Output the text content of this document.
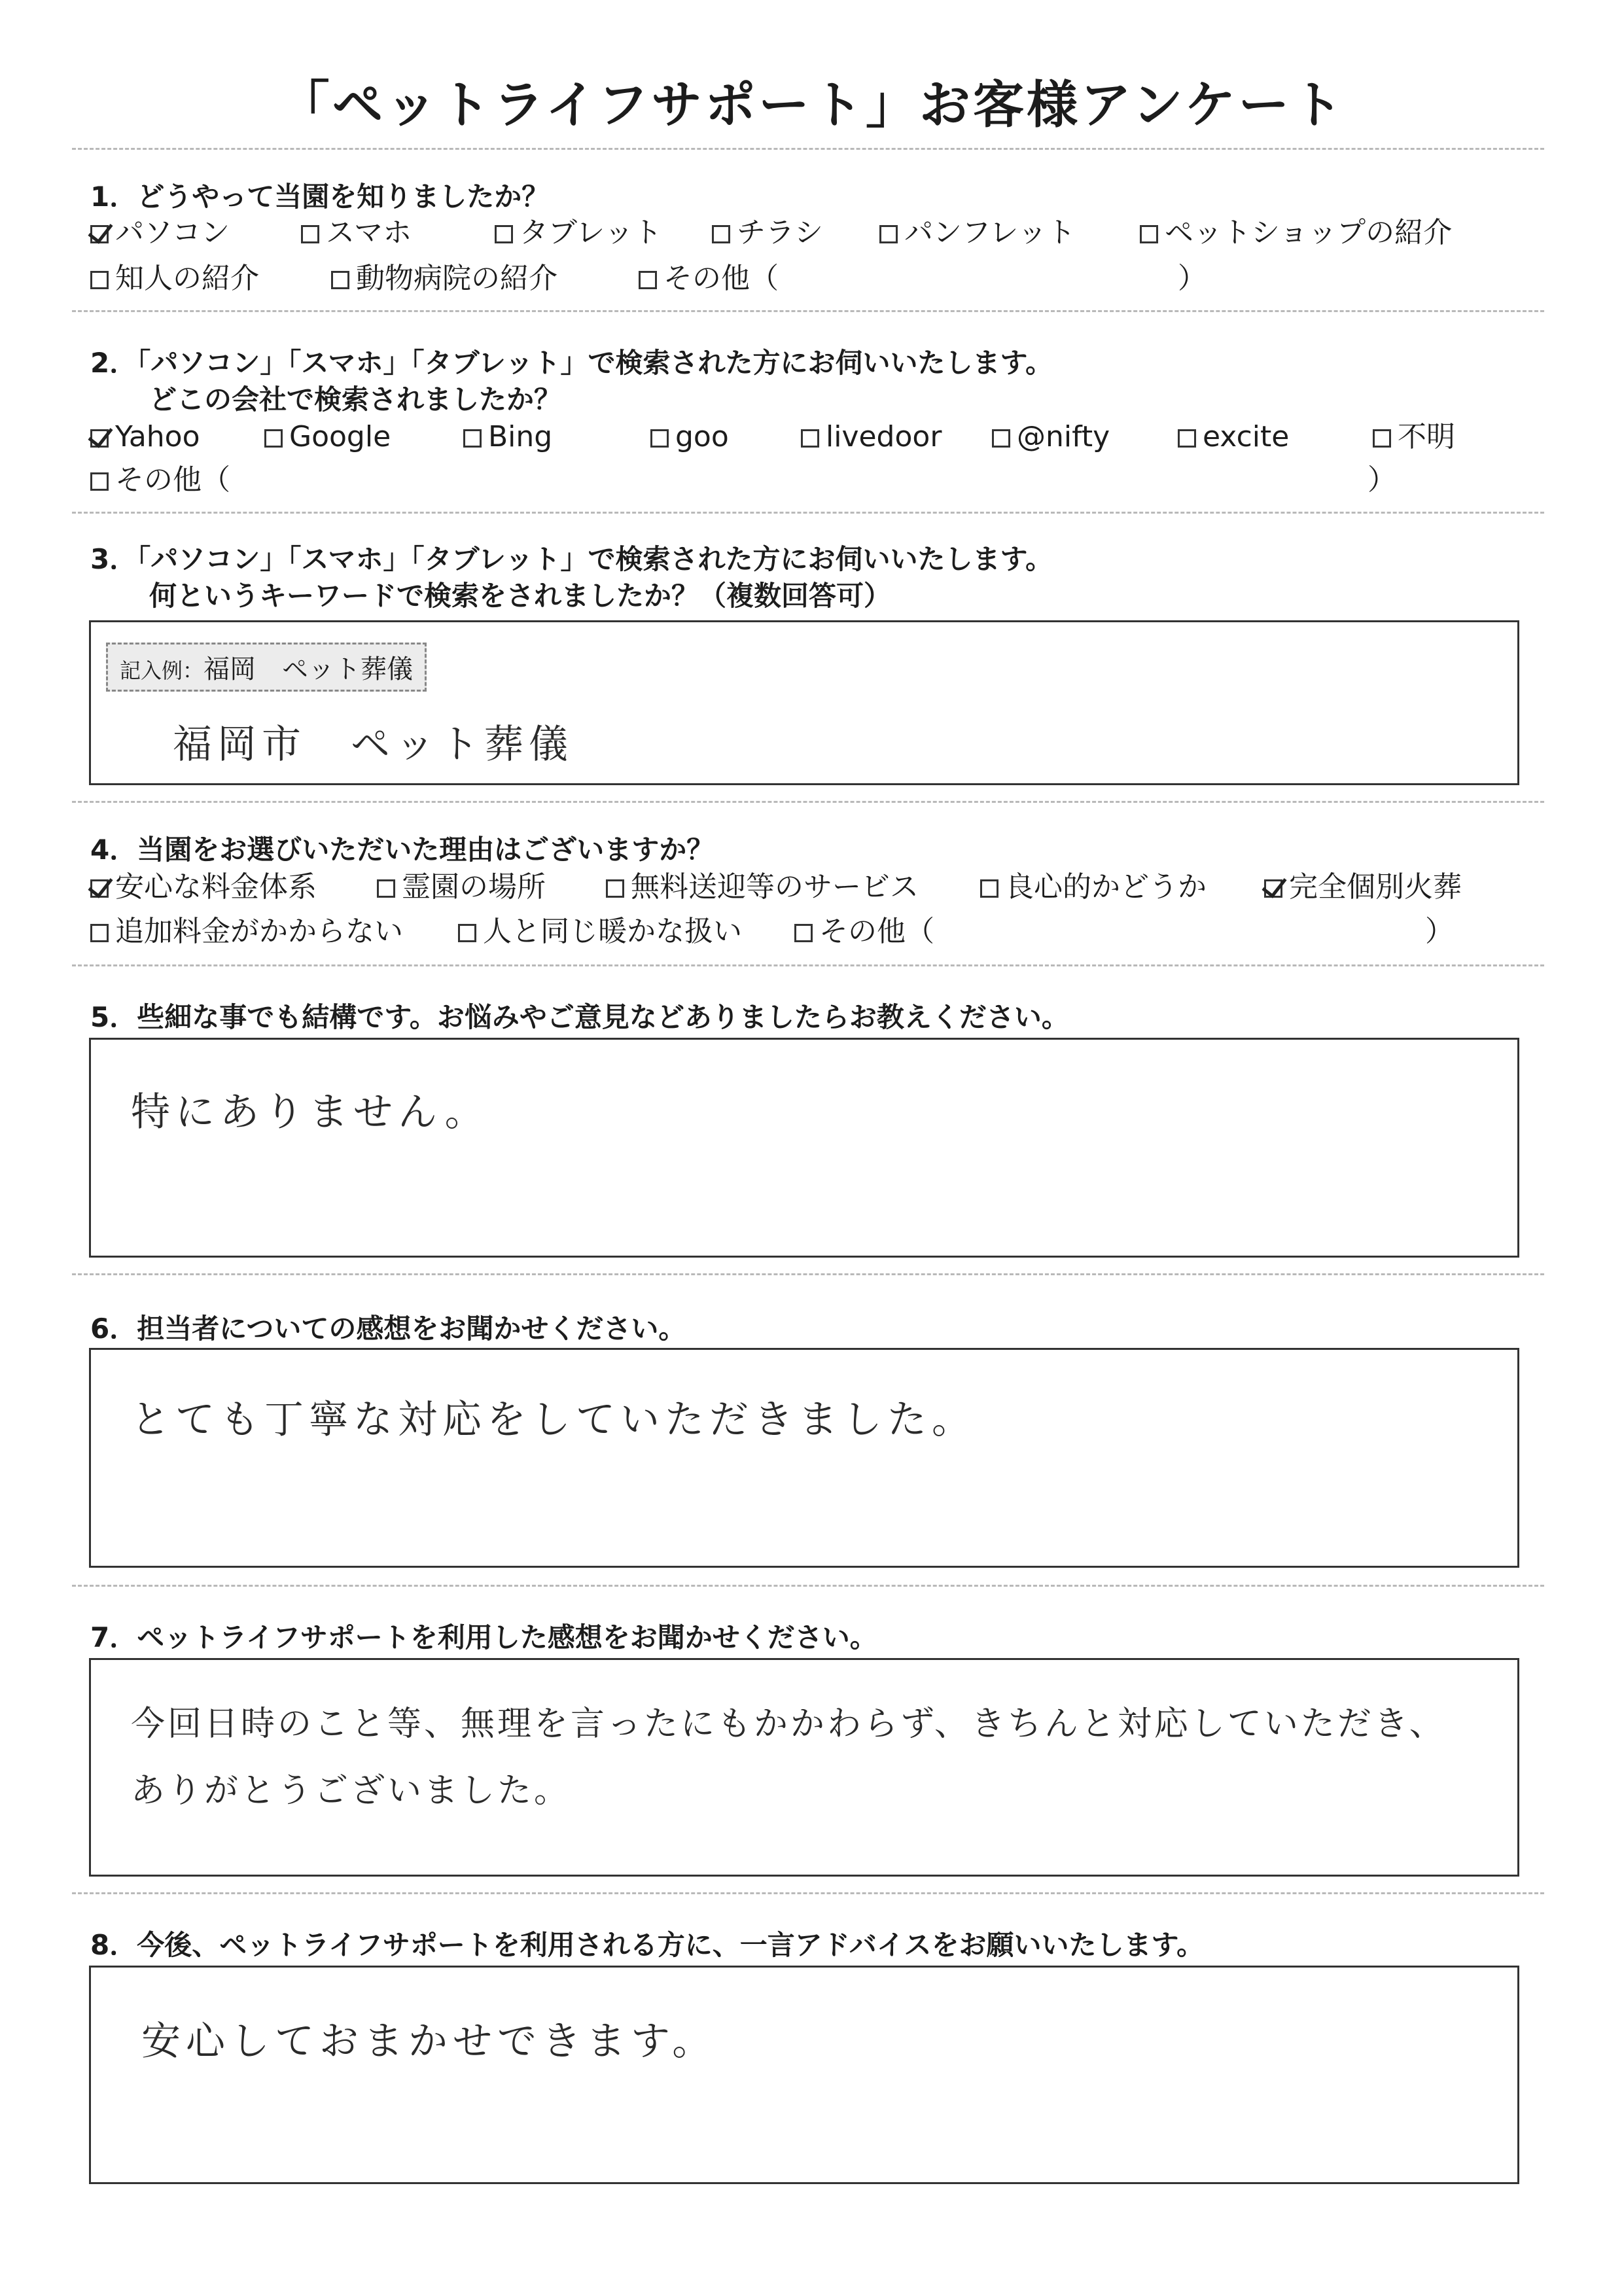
「ペットライフサポート」お客様アンケート
1．どうやって当園を知りましたか？
パソコン	スマホ	タブレット	チラシ	パンフレット	ペットショップの紹介
知人の紹介	動物病院の紹介	その他（	）
2．「パソコン」「スマホ」「タブレット」で検索された方にお伺いいたします。
どこの会社で検索されましたか？
Yahoo	Google	Bing	goo	livedoor	@nifty	excite	不明
その他（	）
3．「パソコン」「スマホ」「タブレット」で検索された方にお伺いいたします。
何というキーワードで検索をされましたか？（複数回答可）
記入例：福岡　ペット葬儀
福岡市　ペット葬儀
4．当園をお選びいただいた理由はございますか？
安心な料金体系	霊園の場所	無料送迎等のサービス	良心的かどうか	完全個別火葬
追加料金がかからない	人と同じ暖かな扱い	その他（	）
5．些細な事でも結構です。お悩みやご意見などありましたらお教えください。
特にありません。
6．担当者についての感想をお聞かせください。
とても丁寧な対応をしていただきました。
7．ペットライフサポートを利用した感想をお聞かせください。
今回日時のこと等、無理を言ったにもかかわらず、きちんと対応していただき、
ありがとうございました。
8．今後、ペットライフサポートを利用される方に、一言アドバイスをお願いいたします。
安心しておまかせできます。
